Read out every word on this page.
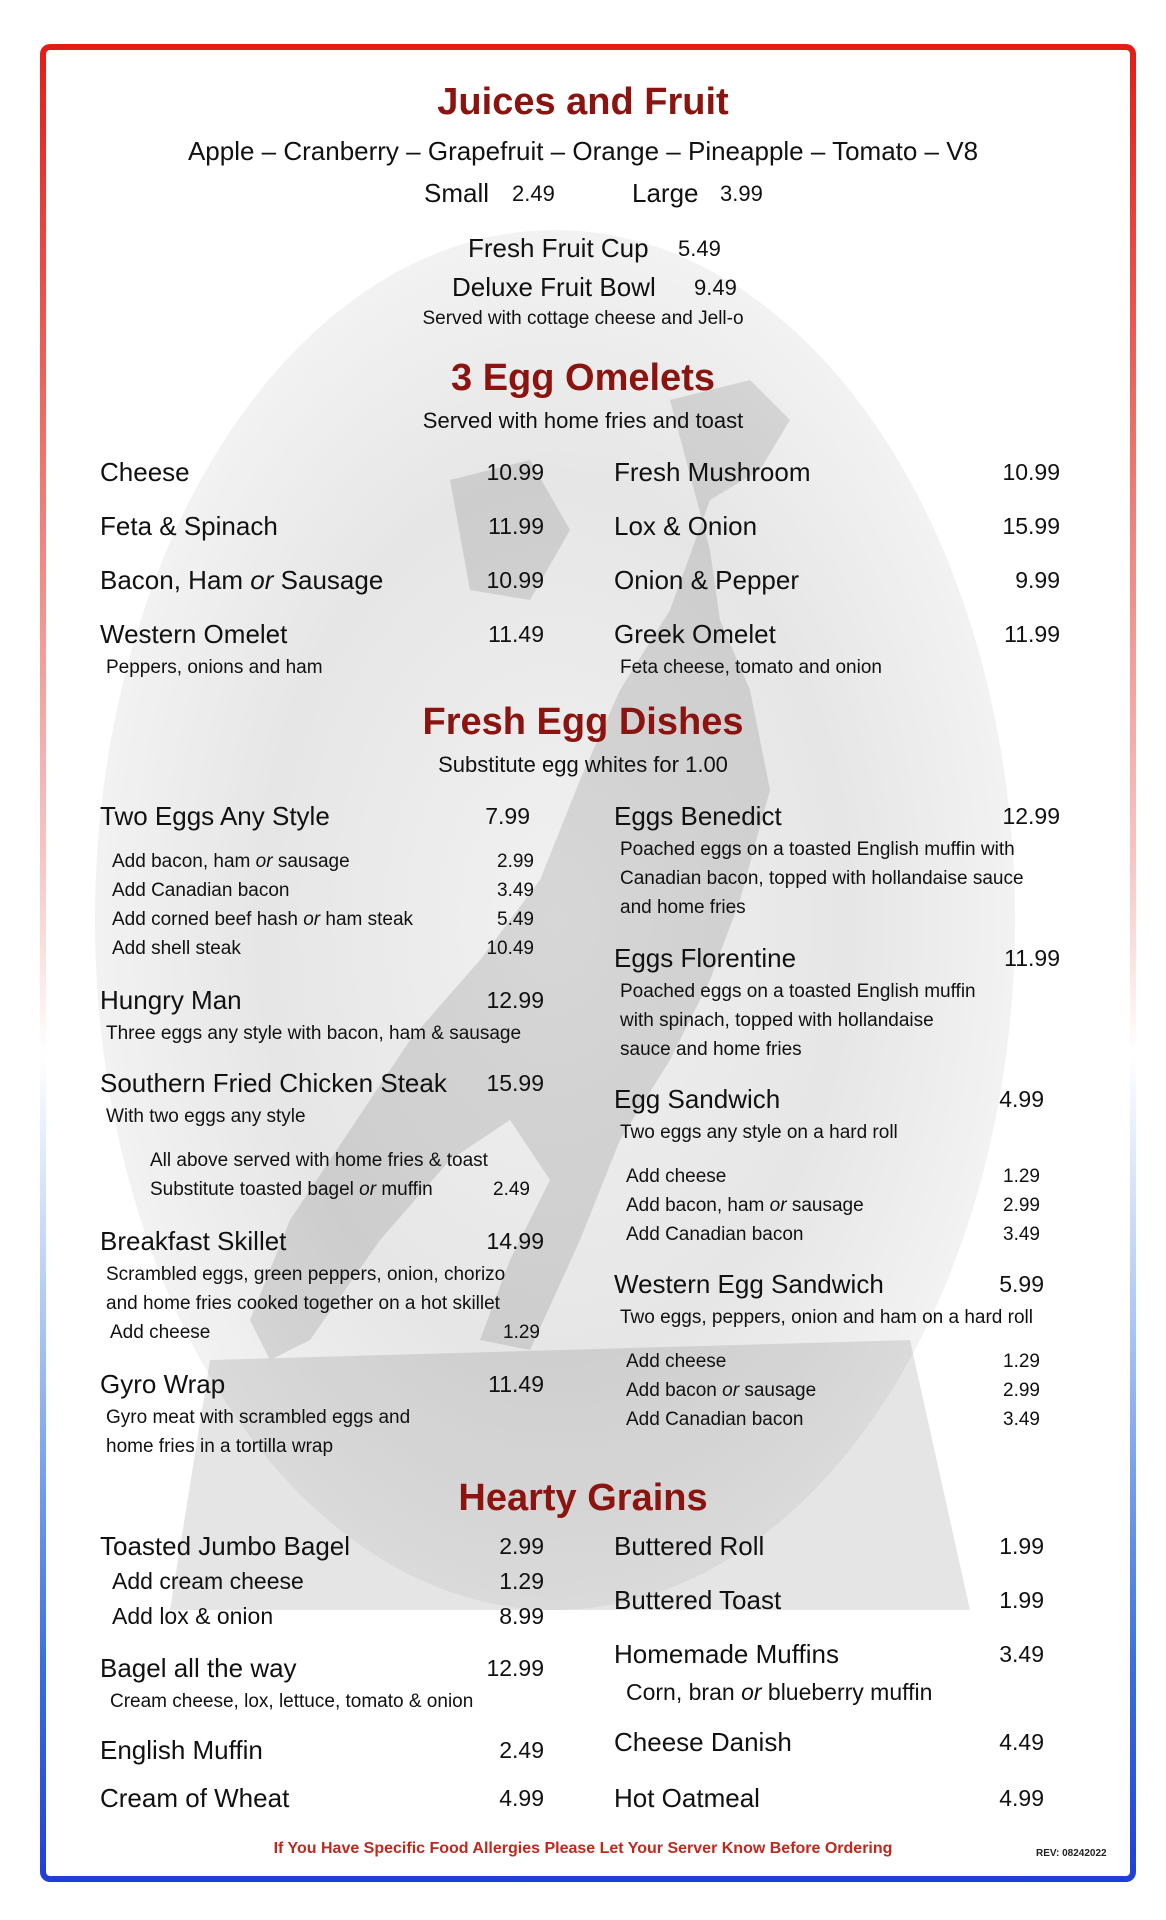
Juices and Fruit
Apple – Cranberry – Grapefruit – Orange – Pineapple – Tomato – V8
Small 2.49	Large 3.99
Fresh Fruit Cup 5.49
Deluxe Fruit Bowl 9.49
Served with cottage cheese and Jell-o
3 Egg Omelets
Served with home fries and toast
Cheese	10.99
Feta & Spinach	11.99
Bacon, Ham or Sausage	10.99
Western Omelet	11.49
Peppers, onions and ham
Fresh Mushroom	10.99
Lox & Onion	15.99
Onion & Pepper	9.99
Greek Omelet	11.99
Feta cheese, tomato and onion
Fresh Egg Dishes
Substitute egg whites for 1.00
Two Eggs Any Style	7.99
Add bacon, ham or sausage	2.99
Add Canadian bacon	3.49
Add corned beef hash or ham steak	5.49
Add shell steak	10.49
Hungry Man	12.99
Three eggs any style with bacon, ham & sausage
Southern Fried Chicken Steak	15.99
With two eggs any style
All above served with home fries & toast
Substitute toasted bagel or muffin	2.49
Breakfast Skillet	14.99
Scrambled eggs, green peppers, onion, chorizo
and home fries cooked together on a hot skillet
Add cheese	1.29
Gyro Wrap	11.49
Gyro meat with scrambled eggs and
home fries in a tortilla wrap
Eggs Benedict	12.99
Poached eggs on a toasted English muffin with
Canadian bacon, topped with hollandaise sauce
and home fries
Eggs Florentine	11.99
Poached eggs on a toasted English muffin
with spinach, topped with hollandaise
sauce and home fries
Egg Sandwich	4.99
Two eggs any style on a hard roll
Add cheese	1.29
Add bacon, ham or sausage	2.99
Add Canadian bacon	3.49
Western Egg Sandwich	5.99
Two eggs, peppers, onion and ham on a hard roll
Add cheese	1.29
Add bacon or sausage	2.99
Add Canadian bacon	3.49
Hearty Grains
Toasted Jumbo Bagel	2.99
Add cream cheese	1.29
Add lox & onion	8.99
Bagel all the way	12.99
Cream cheese, lox, lettuce, tomato & onion
English Muffin	2.49
Cream of Wheat	4.99
Buttered Roll	1.99
Buttered Toast	1.99
Homemade Muffins	3.49
Corn, bran or blueberry muffin
Cheese Danish	4.49
Hot Oatmeal	4.99
If You Have Specific Food Allergies Please Let Your Server Know Before Ordering	REV: 08242022
